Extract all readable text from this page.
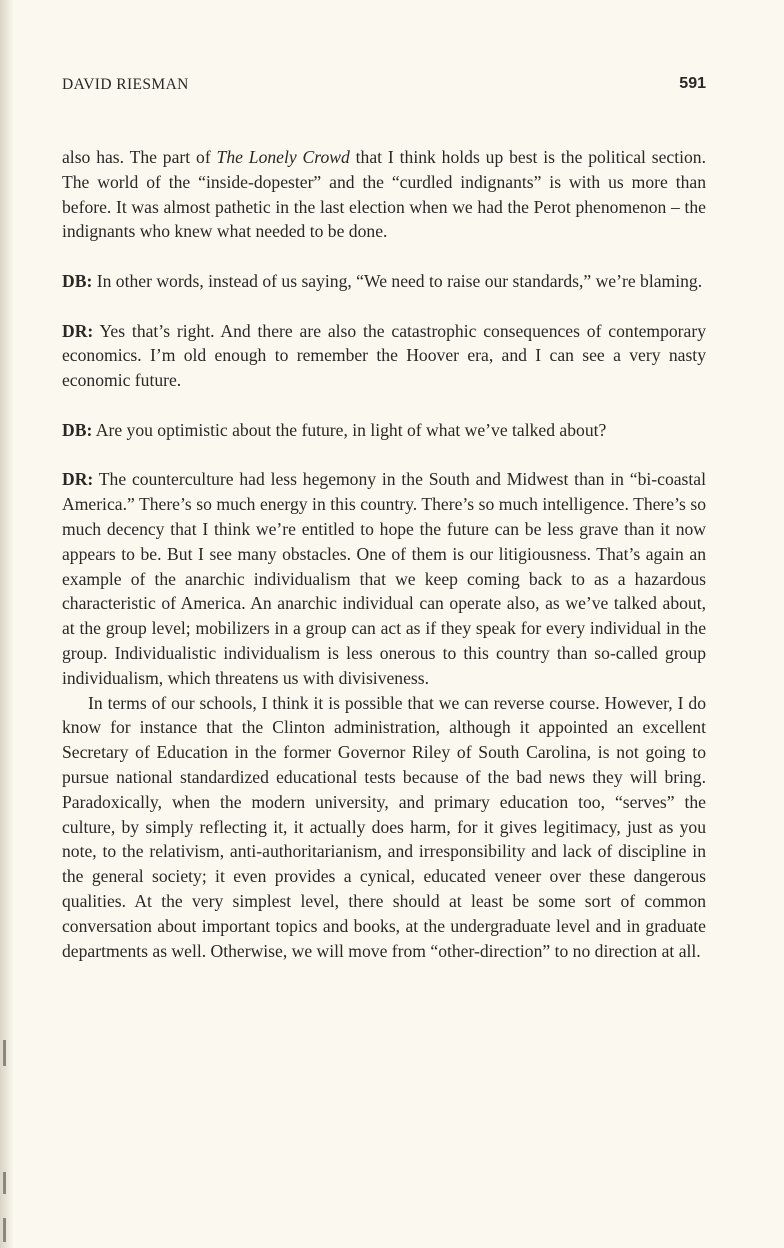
DAVID RIESMAN	591

also has. The part of The Lonely Crowd that I think holds up best is the political section. The world of the “inside-dopester” and the “curdled indignants” is with us more than before. It was almost pathetic in the last election when we had the Perot phenomenon – the indignants who knew what needed to be done.

DB: In other words, instead of us saying, “We need to raise our standards,” we’re blaming.

DR: Yes that’s right. And there are also the catastrophic consequences of contemporary economics. I’m old enough to remember the Hoover era, and I can see a very nasty economic future.

DB: Are you optimistic about the future, in light of what we’ve talked about?

DR: The counterculture had less hegemony in the South and Midwest than in “bi-coastal America.” There’s so much energy in this country. There’s so much intelligence. There’s so much decency that I think we’re entitled to hope the future can be less grave than it now appears to be. But I see many obstacles. One of them is our litigiousness. That’s again an example of the anarchic individualism that we keep coming back to as a hazardous characteristic of America. An anarchic individual can operate also, as we’ve talked about, at the group level; mobilizers in a group can act as if they speak for every individual in the group. Individualistic individualism is less onerous to this country than so-called group individualism, which threatens us with divisiveness.

In terms of our schools, I think it is possible that we can reverse course. However, I do know for instance that the Clinton administration, although it appointed an excellent Secretary of Education in the former Governor Riley of South Carolina, is not going to pursue national standardized educational tests because of the bad news they will bring. Paradoxically, when the modern university, and primary education too, “serves” the culture, by simply reflecting it, it actually does harm, for it gives legitimacy, just as you note, to the relativism, anti-authoritarianism, and irresponsibility and lack of discipline in the general society; it even provides a cynical, educated veneer over these dangerous qualities. At the very simplest level, there should at least be some sort of common conversation about important topics and books, at the undergraduate level and in graduate departments as well. Otherwise, we will move from “other-direction” to no direction at all.
